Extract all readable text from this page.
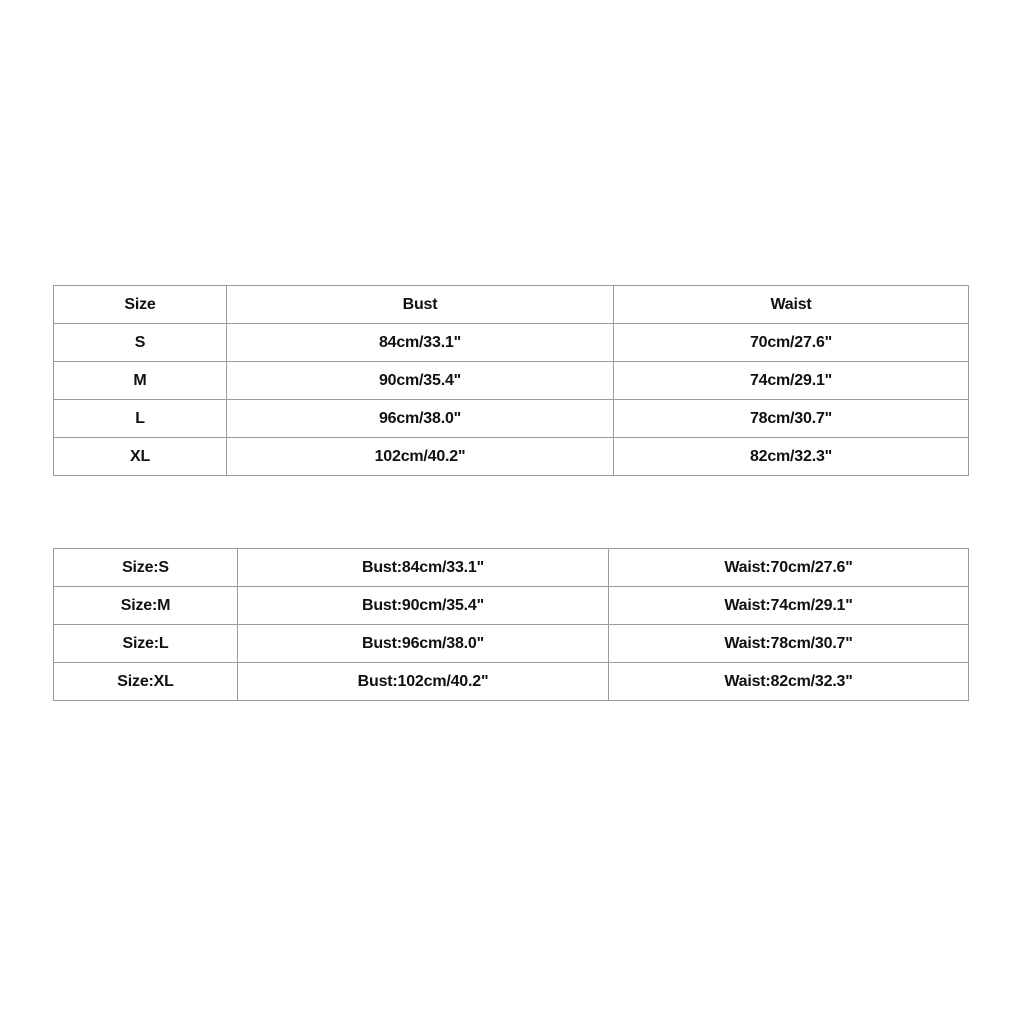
Size	Bust	Waist
S	84cm/33.1"	70cm/27.6"
M	90cm/35.4"	74cm/29.1"
L	96cm/38.0"	78cm/30.7"
XL	102cm/40.2"	82cm/32.3"
Size:S	Bust:84cm/33.1"	Waist:70cm/27.6"
Size:M	Bust:90cm/35.4"	Waist:74cm/29.1"
Size:L	Bust:96cm/38.0"	Waist:78cm/30.7"
Size:XL	Bust:102cm/40.2"	Waist:82cm/32.3"
